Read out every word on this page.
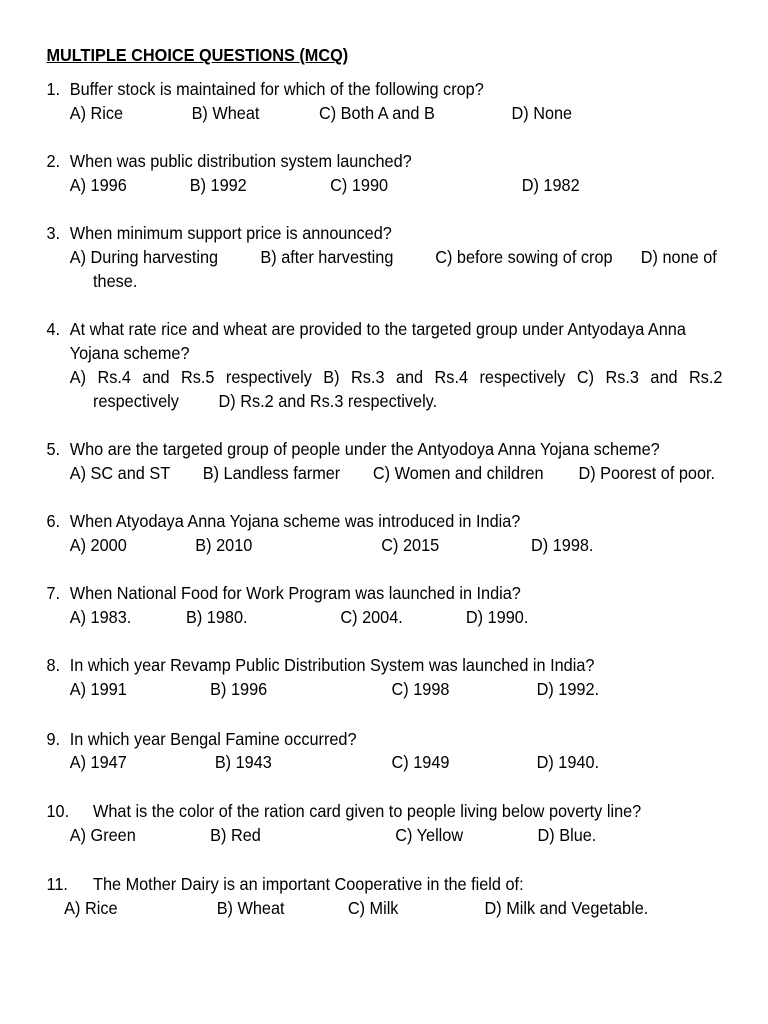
MULTIPLE CHOICE QUESTIONS (MCQ)
1. Buffer stock is maintained for which of the following crop?
A) Rice	B) Wheat	C) Both A and B	D) None
2. When was public distribution system launched?
A) 1996	B) 1992	C) 1990	D) 1982
3. When minimum support price is announced?
A) During harvesting B) after harvesting C) before sowing of crop D) none of
these.
4. At what rate rice and wheat are provided to the targeted group under Antyodaya Anna
Yojana scheme?
A) Rs.4 and Rs.5 respectively B) Rs.3 and Rs.4 respectively C) Rs.3 and Rs.2
respectively D) Rs.2 and Rs.3 respectively.
5. Who are the targeted group of people under the Antyodoya Anna Yojana scheme?
A) SC and ST B) Landless farmer C) Women and children D) Poorest of poor.
6. When Atyodaya Anna Yojana scheme was introduced in India?
A) 2000	B) 2010	C) 2015	D) 1998.
7. When National Food for Work Program was launched in India?
A) 1983.	B) 1980.	C) 2004.	D) 1990.
8. In which year Revamp Public Distribution System was launched in India?
A) 1991	B) 1996	C) 1998	D) 1992.
9. In which year Bengal Famine occurred?
A) 1947	B) 1943	C) 1949	D) 1940.
10. What is the color of the ration card given to people living below poverty line?
A) Green	B) Red	C) Yellow	D) Blue.
11. The Mother Dairy is an important Cooperative in the field of:
A) Rice	B) Wheat	C) Milk	D) Milk and Vegetable.
